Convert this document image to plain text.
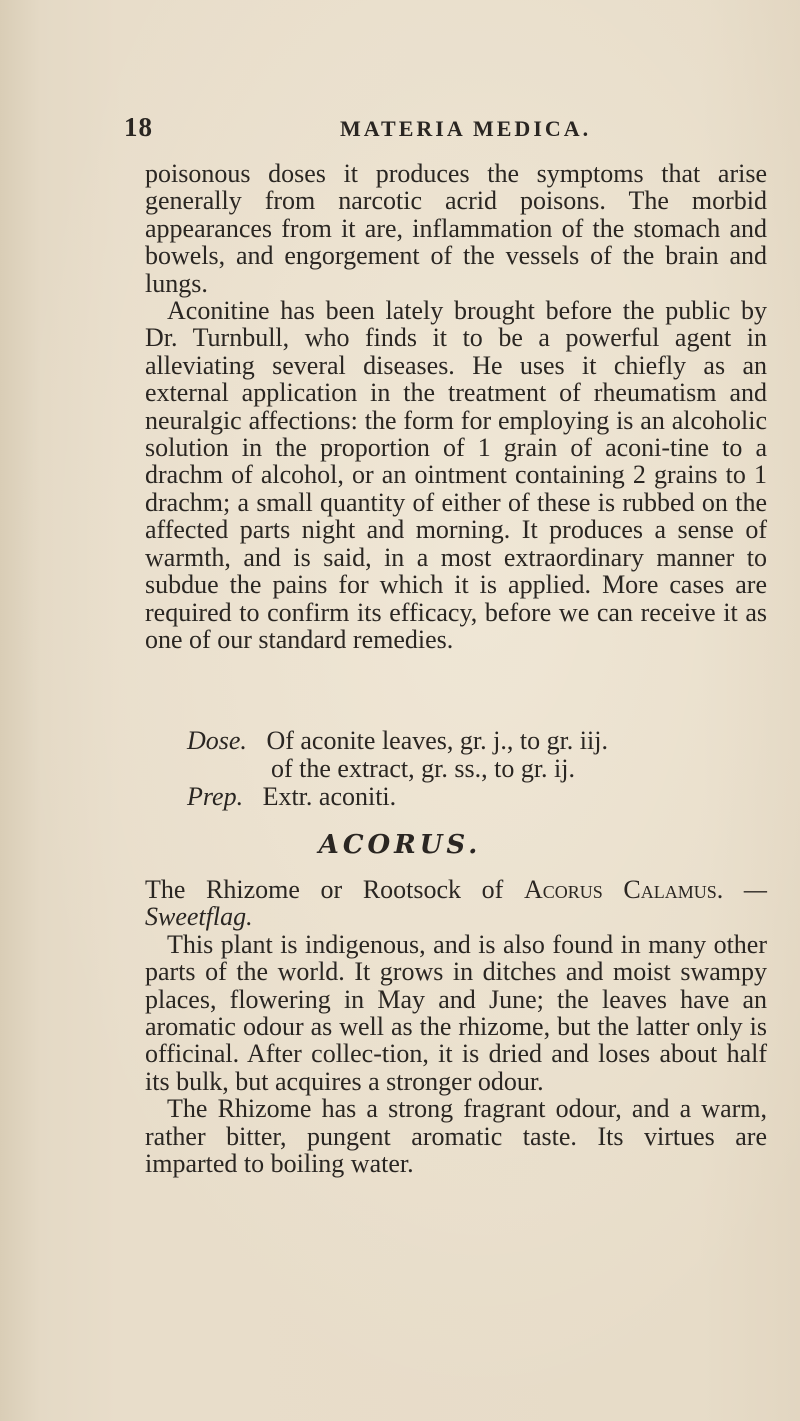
18	MATERIA MEDICA.

poisonous doses it produces the symptoms that arise generally from narcotic acrid poisons. The morbid appearances from it are, inflammation of the stomach and bowels, and engorgement of the vessels of the brain and lungs.

Aconitine has been lately brought before the public by Dr. Turnbull, who finds it to be a powerful agent in alleviating several diseases. He uses it chiefly as an external application in the treatment of rheumatism and neuralgic affections: the form for employing is an alcoholic solution in the proportion of 1 grain of aconi-tine to a drachm of alcohol, or an ointment containing 2 grains to 1 drachm; a small quantity of either of these is rubbed on the affected parts night and morning. It produces a sense of warmth, and is said, in a most extraordinary manner to subdue the pains for which it is applied. More cases are required to confirm its efficacy, before we can receive it as one of our standard remedies.

Dose. Of aconite leaves, gr. j., to gr. iij.
of the extract, gr. ss., to gr. ij.
Prep. Extr. aconiti.
ACORUS.

The Rhizome or Rootsock of Acorus Calamus. —Sweetflag.

This plant is indigenous, and is also found in many other parts of the world. It grows in ditches and moist swampy places, flowering in May and June; the leaves have an aromatic odour as well as the rhizome, but the latter only is officinal. After collec-tion, it is dried and loses about half its bulk, but acquires a stronger odour.

The Rhizome has a strong fragrant odour, and a warm, rather bitter, pungent aromatic taste. Its virtues are imparted to boiling water.
